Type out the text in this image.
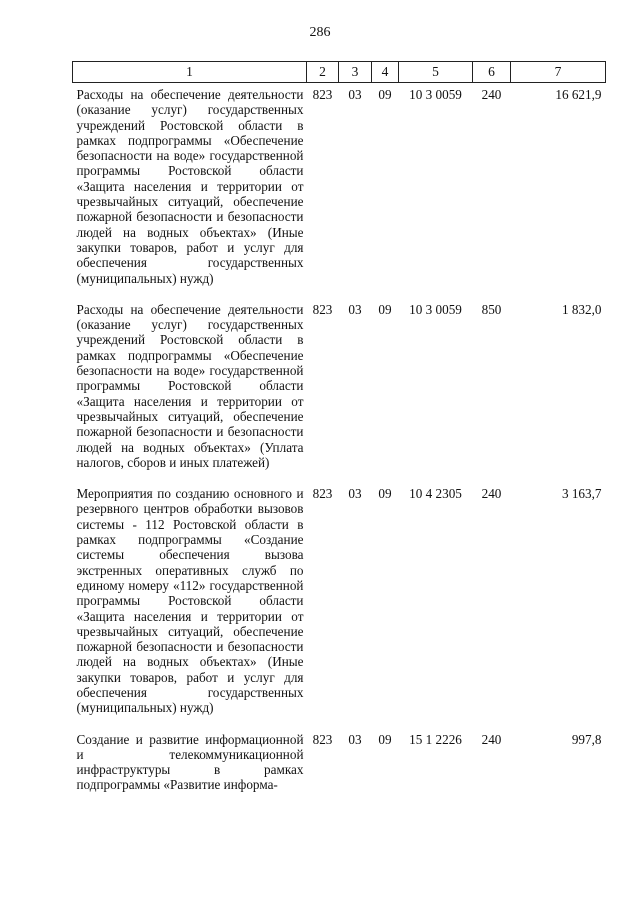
286
1	2	3	4	5	6	7
Расходы на обеспечение деятельности (оказание услуг) государственных учреждений Ростовской области в рамках подпрограммы «Обеспечение безопасности на воде» государственной программы Ростовской области «Защита населения и территории от чрезвычайных ситуаций, обеспечение пожарной безопасности и безопасности людей на водных объектах» (Иные закупки товаров, работ и услуг для обеспечения государственных (муниципальных) нужд)	823	03	09	10 3 0059	240	16 621,9
Расходы на обеспечение деятельности (оказание услуг) государственных учреждений Ростовской области в рамках подпрограммы «Обеспечение безопасности на воде» государственной программы Ростовской области «Защита населения и территории от чрезвычайных ситуаций, обеспечение пожарной безопасности и безопасности людей на водных объектах» (Уплата налогов, сборов и иных платежей)	823	03	09	10 3 0059	850	1 832,0
Мероприятия по созданию основного и резервного центров обработки вызовов системы - 112 Ростовской области в рамках подпрограммы «Создание системы обеспечения вызова экстренных оперативных служб по единому номеру «112» государственной программы Ростовской области «Защита населения и территории от чрезвычайных ситуаций, обеспечение пожарной безопасности и безопасности людей на водных объектах» (Иные закупки товаров, работ и услуг для обеспечения государственных (муниципальных) нужд)	823	03	09	10 4 2305	240	3 163,7
Создание и развитие информационной и телекоммуникационной инфраструктуры в рамках подпрограммы «Развитие информа-	823	03	09	15 1 2226	240	997,8
